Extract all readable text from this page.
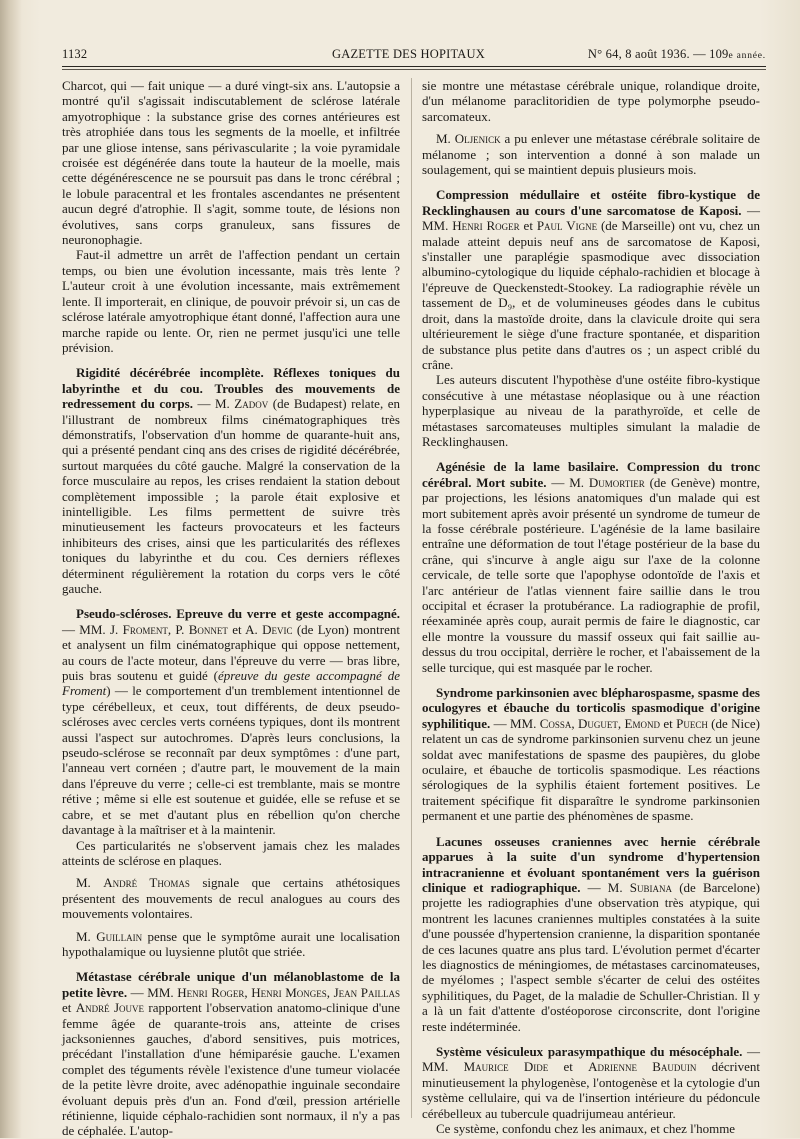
1132	GAZETTE DES HOPITAUX	N° 64, 8 août 1936. — 109e année.

Charcot, qui — fait unique — a duré vingt-six ans. L'autopsie a montré qu'il s'agissait indiscutablement de sclérose latérale amyotrophique : la substance grise des cornes antérieures est très atrophiée dans tous les segments de la moelle, et infiltrée par une gliose intense, sans périvascularite ; la voie pyramidale croisée est dégénérée dans toute la hauteur de la moelle, mais cette dégénérescence ne se poursuit pas dans le tronc cérébral ; le lobule paracentral et les frontales ascendantes ne présentent aucun degré d'atrophie. Il s'agit, somme toute, de lésions non évolutives, sans corps granuleux, sans fissures de neuronophagie.

Faut-il admettre un arrêt de l'affection pendant un certain temps, ou bien une évolution incessante, mais très lente ? L'auteur croit à une évolution incessante, mais extrêmement lente. Il importerait, en clinique, de pouvoir prévoir si, un cas de sclérose latérale amyotrophique étant donné, l'affection aura une marche rapide ou lente. Or, rien ne permet jusqu'ici une telle prévision.

Rigidité décérébrée incomplète. Réflexes toniques du labyrinthe et du cou. Troubles des mouvements de redressement du corps. — M. Zadov (de Budapest) relate, en l'illustrant de nombreux films cinématographiques très démonstratifs, l'observation d'un homme de quarante-huit ans, qui a présenté pendant cinq ans des crises de rigidité décérébrée, surtout marquées du côté gauche. Malgré la conservation de la force musculaire au repos, les crises rendaient la station debout complètement impossible ; la parole était explosive et inintelligible. Les films permettent de suivre très minutieusement les facteurs provocateurs et les facteurs inhibiteurs des crises, ainsi que les particularités des réflexes toniques du labyrinthe et du cou. Ces derniers réflexes déterminent régulièrement la rotation du corps vers le côté gauche.

Pseudo-scléroses. Epreuve du verre et geste accompagné. — MM. J. Froment, P. Bonnet et A. Devic (de Lyon) montrent et analysent un film cinématographique qui oppose nettement, au cours de l'acte moteur, dans l'épreuve du verre — bras libre, puis bras soutenu et guidé (épreuve du geste accompagné de Froment) — le comportement d'un tremblement intentionnel de type cérébelleux, et ceux, tout différents, de deux pseudo-scléroses avec cercles verts cornéens typiques, dont ils montrent aussi l'aspect sur autochromes. D'après leurs conclusions, la pseudo-sclérose se reconnaît par deux symptômes : d'une part, l'anneau vert cornéen ; d'autre part, le mouvement de la main dans l'épreuve du verre ; celle-ci est tremblante, mais se montre rétive ; même si elle est soutenue et guidée, elle se refuse et se cabre, et se met d'autant plus en rébellion qu'on cherche davantage à la maîtriser et à la maintenir.

Ces particularités ne s'observent jamais chez les malades atteints de sclérose en plaques.

M. André Thomas signale que certains athétosiques présentent des mouvements de recul analogues au cours des mouvements volontaires.

M. Guillain pense que le symptôme aurait une localisation hypothalamique ou luysienne plutôt que striée.

Métastase cérébrale unique d'un mélanoblastome de la petite lèvre. — MM. Henri Roger, Henri Monges, Jean Paillas et André Jouve rapportent l'observation anatomo-clinique d'une femme âgée de quarante-trois ans, atteinte de crises jacksoniennes gauches, d'abord sensitives, puis motrices, précédant l'installation d'une hémiparésie gauche. L'examen complet des téguments révèle l'existence d'une tumeur violacée de la petite lèvre droite, avec adénopathie inguinale secondaire évoluant depuis près d'un an. Fond d'œil, pression artérielle rétinienne, liquide céphalo-rachidien sont normaux, il n'y a pas de céphalée. L'autop-

sie montre une métastase cérébrale unique, rolandique droite, d'un mélanome paraclitoridien de type polymorphe pseudo-sarcomateux.

M. Oljenick a pu enlever une métastase cérébrale solitaire de mélanome ; son intervention a donné à son malade un soulagement, qui se maintient depuis plusieurs mois.

Compression médullaire et ostéite fibro-kystique de Recklinghausen au cours d'une sarcomatose de Kaposi. — MM. Henri Roger et Paul Vigne (de Marseille) ont vu, chez un malade atteint depuis neuf ans de sarcomatose de Kaposi, s'installer une paraplégie spasmodique avec dissociation albumino-cytologique du liquide céphalo-rachidien et blocage à l'épreuve de Queckenstedt-Stookey. La radiographie révèle un tassement de D₉, et de volumineuses géodes dans le cubitus droit, dans la mastoïde droite, dans la clavicule droite qui sera ultérieurement le siège d'une fracture spontanée, et disparition de substance plus petite dans d'autres os ; un aspect criblé du crâne.

Les auteurs discutent l'hypothèse d'une ostéite fibro-kystique consécutive à une métastase néoplasique ou à une réaction hyperplasique au niveau de la parathyroïde, et celle de métastases sarcomateuses multiples simulant la maladie de Recklinghausen.

Agénésie de la lame basilaire. Compression du tronc cérébral. Mort subite. — M. Dumortier (de Genève) montre, par projections, les lésions anatomiques d'un malade qui est mort subitement après avoir présenté un syndrome de tumeur de la fosse cérébrale postérieure. L'agénésie de la lame basilaire entraîne une déformation de tout l'étage postérieur de la base du crâne, qui s'incurve à angle aigu sur l'axe de la colonne cervicale, de telle sorte que l'apophyse odontoïde de l'axis et l'arc antérieur de l'atlas viennent faire saillie dans le trou occipital et écraser la protubérance. La radiographie de profil, réexaminée après coup, aurait permis de faire le diagnostic, car elle montre la voussure du massif osseux qui fait saillie au-dessus du trou occipital, derrière le rocher, et l'abaissement de la selle turcique, qui est masquée par le rocher.

Syndrome parkinsonien avec blépharospasme, spasme des oculogyres et ébauche du torticolis spasmodique d'origine syphilitique. — MM. Cossa, Duguet, Emond et Puech (de Nice) relatent un cas de syndrome parkinsonien survenu chez un jeune soldat avec manifestations de spasme des paupières, du globe oculaire, et ébauche de torticolis spasmodique. Les réactions sérologiques de la syphilis étaient fortement positives. Le traitement spécifique fit disparaître le syndrome parkinsonien permanent et une partie des phénomènes de spasme.

Lacunes osseuses craniennes avec hernie cérébrale apparues à la suite d'un syndrome d'hypertension intracranienne et évoluant spontanément vers la guérison clinique et radiographique. — M. Subiana (de Barcelone) projette les radiographies d'une observation très atypique, qui montrent les lacunes craniennes multiples constatées à la suite d'une poussée d'hypertension cranienne, la disparition spontanée de ces lacunes quatre ans plus tard. L'évolution permet d'écarter les diagnostics de méningiomes, de métastases carcinomateuses, de myélomes ; l'aspect semble s'écarter de celui des ostéites syphilitiques, du Paget, de la maladie de Schuller-Christian. Il y a là un fait d'attente d'ostéoporose circonscrite, dont l'origine reste indéterminée.

Système vésiculeux parasympathique du mésocéphale. — MM. Maurice Dide et Adrienne Bauduin décrivent minutieusement la phylogenèse, l'ontogenèse et la cytologie d'un système cellulaire, qui va de l'insertion intérieure du pédoncule cérébelleux au tubercule quadrijumeau antérieur.

Ce système, confondu chez les animaux, et chez l'homme
